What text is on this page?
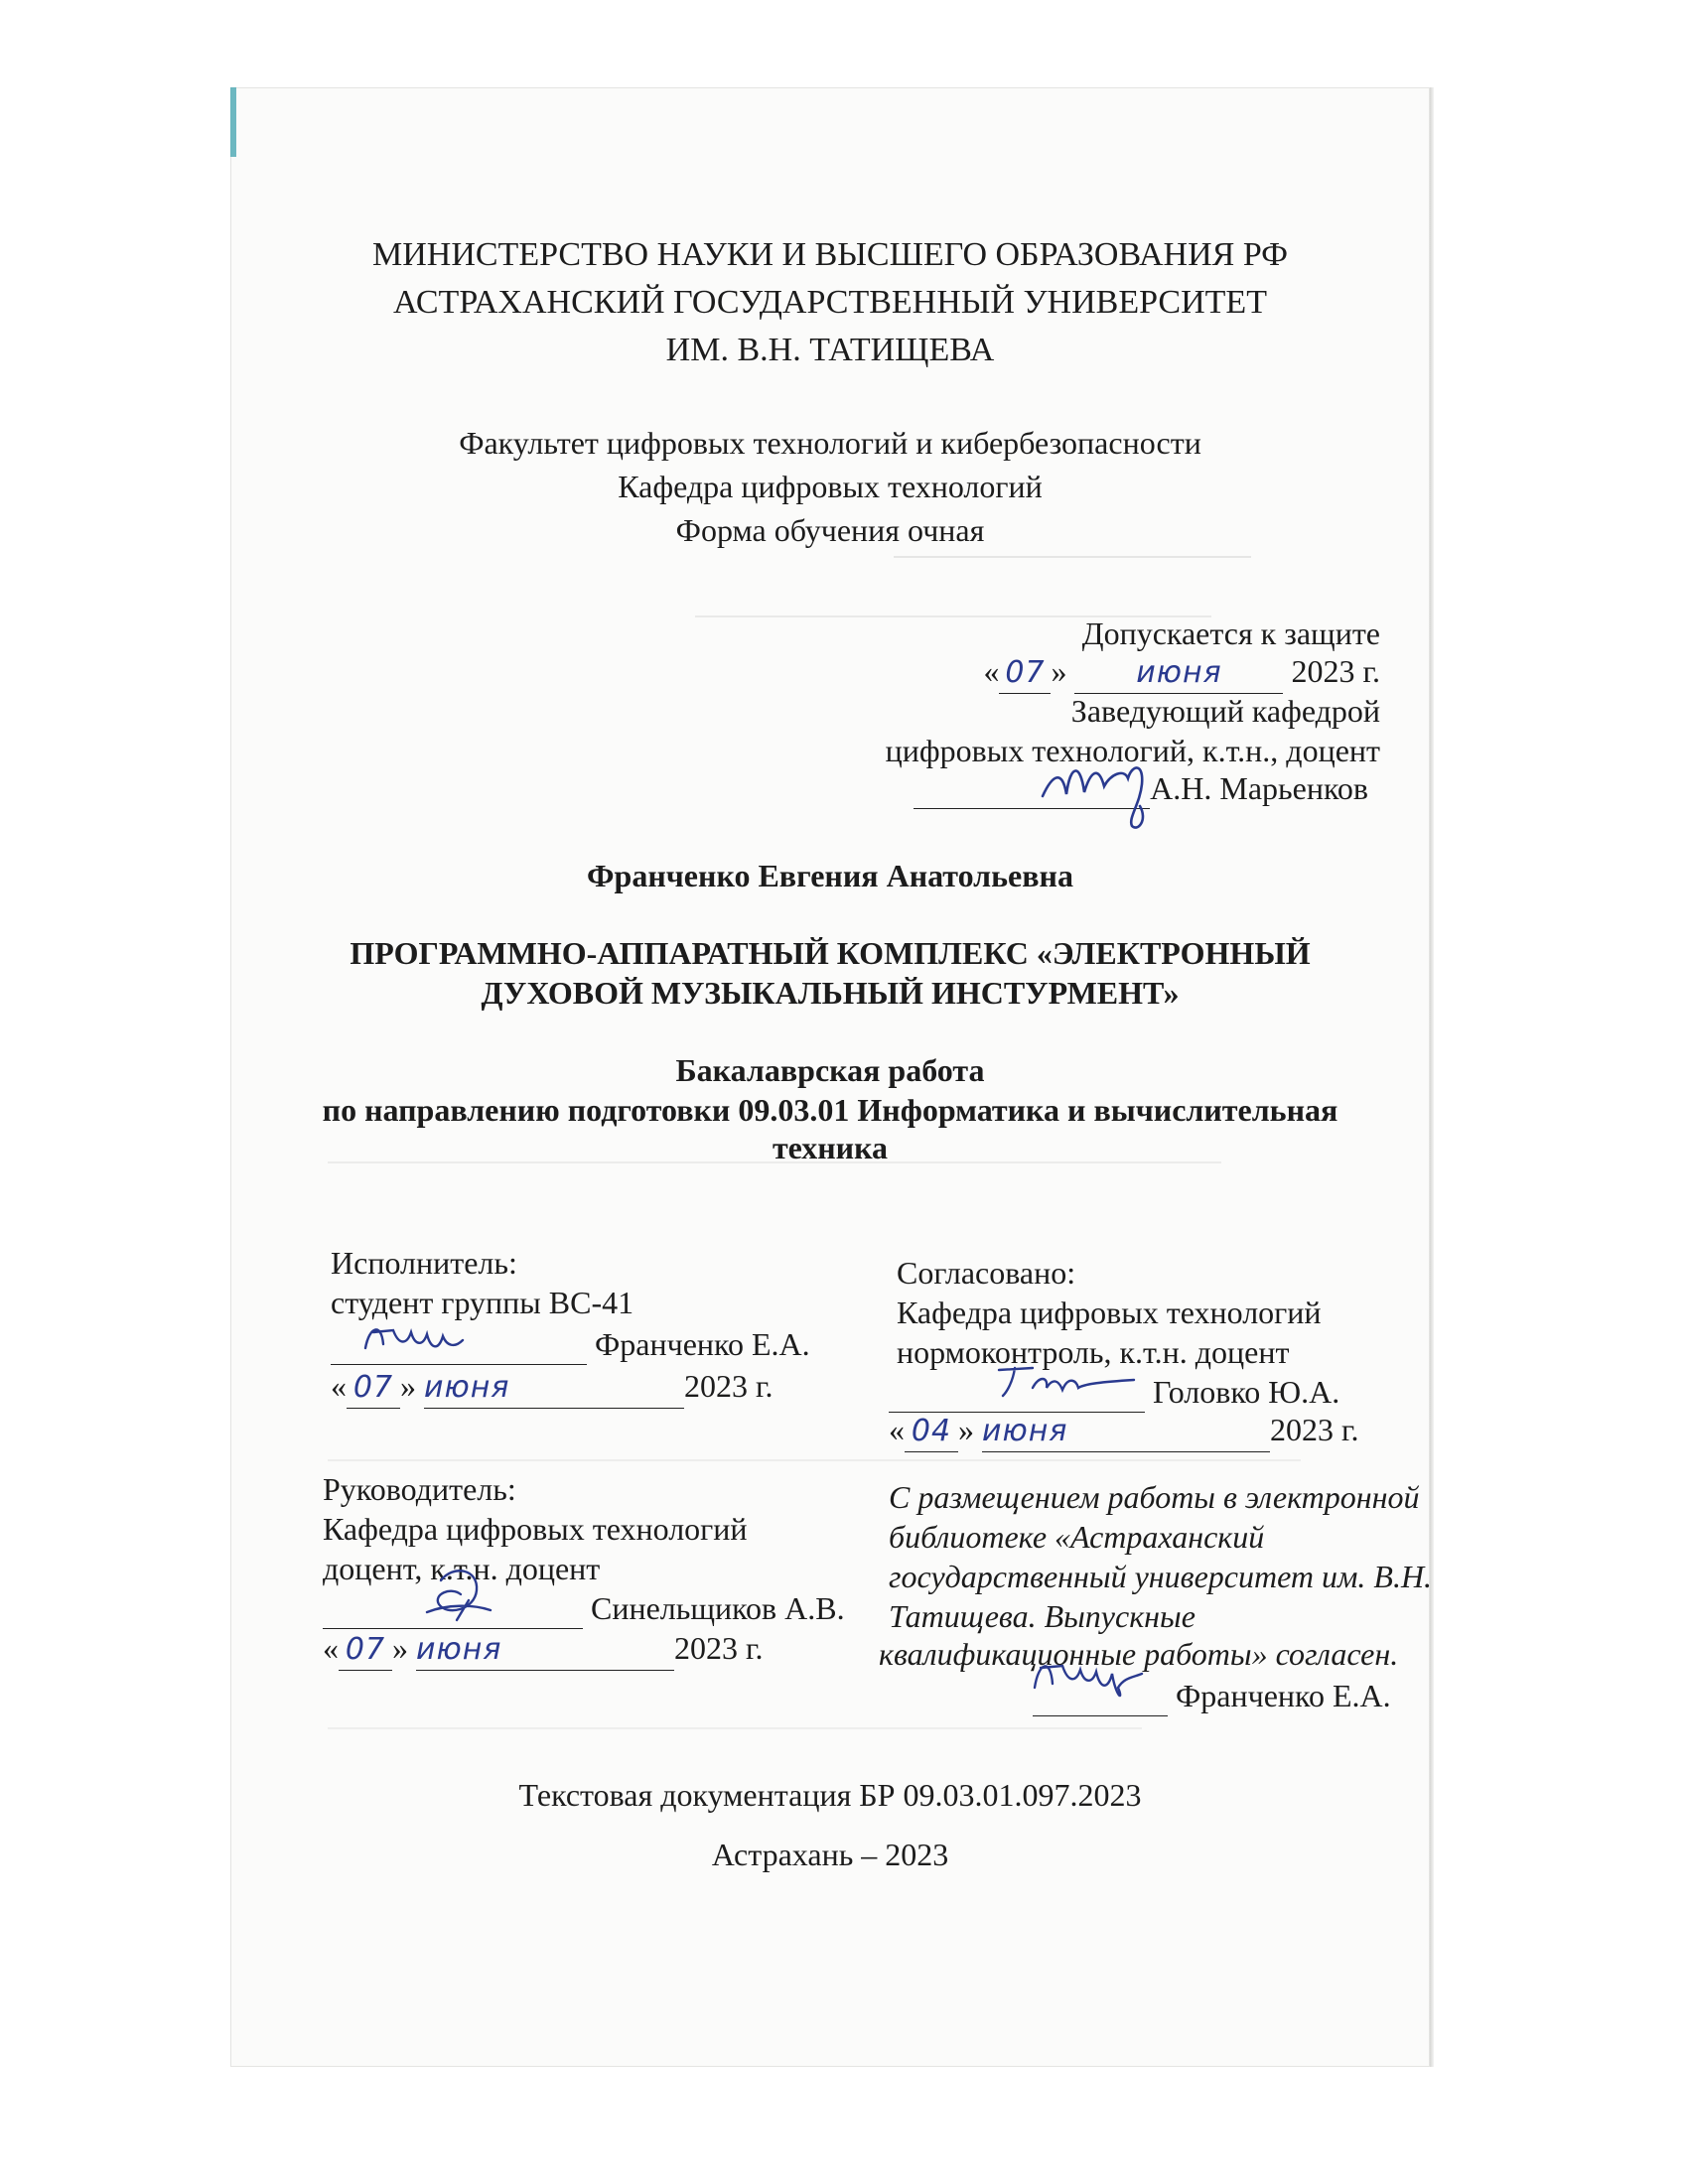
МИНИСТЕРСТВО НАУКИ И ВЫСШЕГО ОБРАЗОВАНИЯ РФ
АСТРАХАНСКИЙ ГОСУДАРСТВЕННЫЙ УНИВЕРСИТЕТ
ИМ. В.Н. ТАТИЩЕВА
Факультет цифровых технологий и кибербезопасности
Кафедра цифровых технологий
Форма обучения очная
Допускается к защите
« 07 » июня 2023 г.
Заведующий кафедрой
цифровых технологий, к.т.н., доцент
А.Н. Марьенков
Франченко Евгения Анатольевна
ПРОГРАММНО-АППАРАТНЫЙ КОМПЛЕКС «ЭЛЕКТРОННЫЙ
ДУХОВОЙ МУЗЫКАЛЬНЫЙ ИНСТУРМЕНТ»
Бакалаврская работа
по направлению подготовки 09.03.01 Информатика и вычислительная
техника
Исполнитель:
студент группы ВС-41
Франченко Е.А.
« 07 » июня	2023 г.
Согласовано:
Кафедра цифровых технологий
нормоконтроль, к.т.н. доцент
Головко Ю.А.
« 04 » июня	2023 г.
Руководитель:
Кафедра цифровых технологий
доцент, к.т.н. доцент
Синельщиков А.В.
« 07 » июня	2023 г.
С размещением работы в электронной
библиотеке «Астраханский
государственный университет им. В.Н.
Татищева. Выпускные
квалификационные работы» согласен.
Франченко Е.А.
Текстовая документация БР 09.03.01.097.2023
Астрахань – 2023
